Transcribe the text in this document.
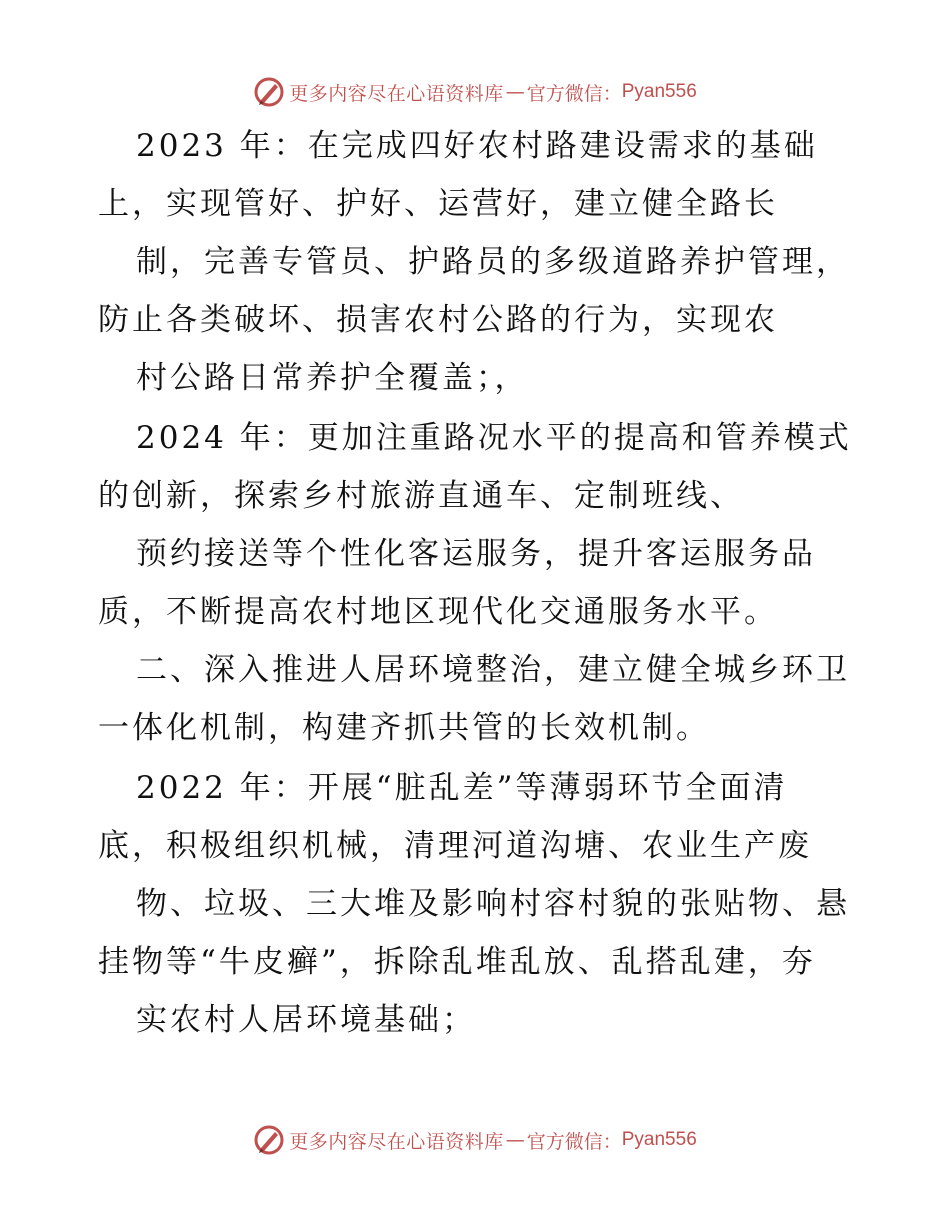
更多内容尽在心语资料库 — 官方微信： Pyan556
2023 年：在完成四好农村路建设需求的基础
上，实现管好、护好、运营好，建立健全路长
制，完善专管员、护路员的多级道路养护管理，
防止各类破坏、损害农村公路的行为，实现农
村公路日常养护全覆盖；，
2024 年：更加注重路况水平的提高和管养模式
的创新，探索乡村旅游直通车、定制班线、
预约接送等个性化客运服务，提升客运服务品
质，不断提高农村地区现代化交通服务水平。
二、深入推进人居环境整治，建立健全城乡环卫
一体化机制，构建齐抓共管的长效机制。
2022 年：开展“脏乱差”等薄弱环节全面清
底，积极组织机械，清理河道沟塘、农业生产废
物、垃圾、三大堆及影响村容村貌的张贴物、悬
挂物等“牛皮癣”，拆除乱堆乱放、乱搭乱建，夯
实农村人居环境基础；
更多内容尽在心语资料库 — 官方微信： Pyan556
